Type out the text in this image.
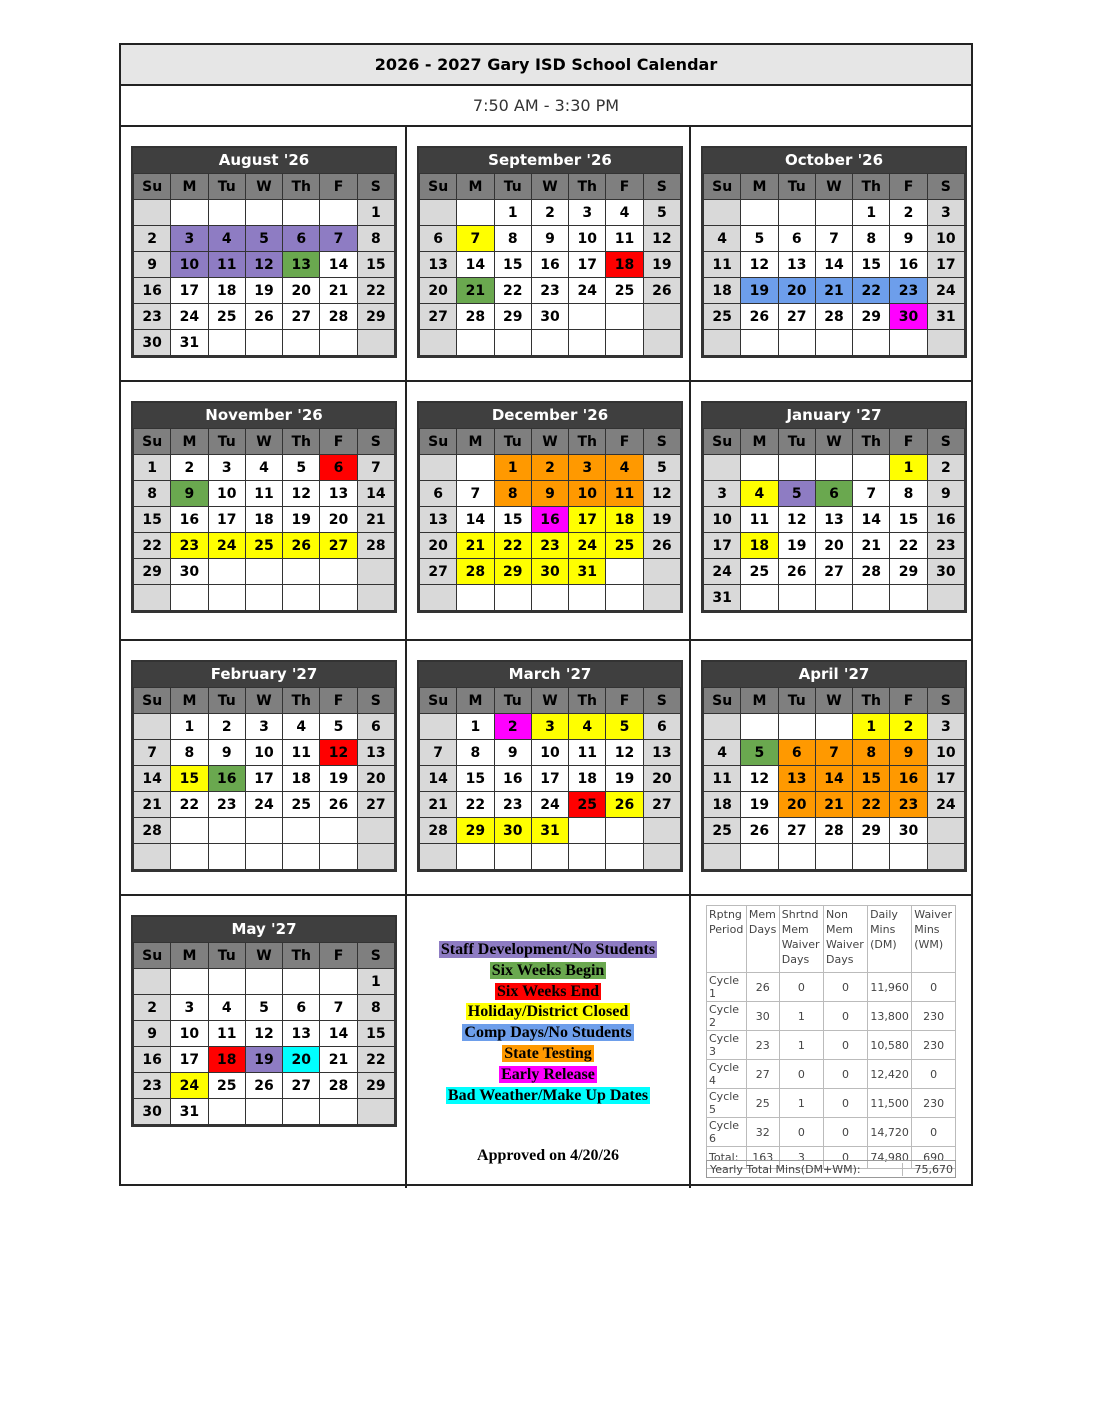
2026 - 2027 Gary ISD School Calendar
7:50 AM - 3:30 PM
August '26
Su	M	Tu	W	Th	F	S
						1
2	3	4	5	6	7	8
9	10	11	12	13	14	15
16	17	18	19	20	21	22
23	24	25	26	27	28	29
30	31					
September '26
Su	M	Tu	W	Th	F	S
		1	2	3	4	5
6	7	8	9	10	11	12
13	14	15	16	17	18	19
20	21	22	23	24	25	26
27	28	29	30			

October '26
Su	M	Tu	W	Th	F	S
				1	2	3
4	5	6	7	8	9	10
11	12	13	14	15	16	17
18	19	20	21	22	23	24
25	26	27	28	29	30	31

November '26
Su	M	Tu	W	Th	F	S
1	2	3	4	5	6	7
8	9	10	11	12	13	14
15	16	17	18	19	20	21
22	23	24	25	26	27	28
29	30					

December '26
Su	M	Tu	W	Th	F	S
		1	2	3	4	5
6	7	8	9	10	11	12
13	14	15	16	17	18	19
20	21	22	23	24	25	26
27	28	29	30	31		

January '27
Su	M	Tu	W	Th	F	S
					1	2
3	4	5	6	7	8	9
10	11	12	13	14	15	16
17	18	19	20	21	22	23
24	25	26	27	28	29	30
31						
February '27
Su	M	Tu	W	Th	F	S
	1	2	3	4	5	6
7	8	9	10	11	12	13
14	15	16	17	18	19	20
21	22	23	24	25	26	27
28						

March '27
Su	M	Tu	W	Th	F	S
	1	2	3	4	5	6
7	8	9	10	11	12	13
14	15	16	17	18	19	20
21	22	23	24	25	26	27
28	29	30	31			

April '27
Su	M	Tu	W	Th	F	S
				1	2	3
4	5	6	7	8	9	10
11	12	13	14	15	16	17
18	19	20	21	22	23	24
25	26	27	28	29	30	

May '27
Su	M	Tu	W	Th	F	S
						1
2	3	4	5	6	7	8
9	10	11	12	13	14	15
16	17	18	19	20	21	22
23	24	25	26	27	28	29
30	31					
Staff Development/No Students
Six Weeks Begin
Six Weeks End
Holiday/District Closed
Comp Days/No Students
State Testing
Early Release
Bad Weather/Make Up Dates
Approved on 4/20/26
Rptng Period	Mem Days	Shrtnd Mem Waiver Days	Non Mem Waiver Days	Daily Mins (DM)	Waiver Mins (WM)
Cycle 1	26	0	0	11,960	0
Cycle 2	30	1	0	13,800	230
Cycle 3	23	1	0	10,580	230
Cycle 4	27	0	0	12,420	0
Cycle 5	25	1	0	11,500	230
Cycle 6	32	0	0	14,720	0
Total:	163	3	0	74,980	690
Yearly Total Mins(DM+WM):	75,670
